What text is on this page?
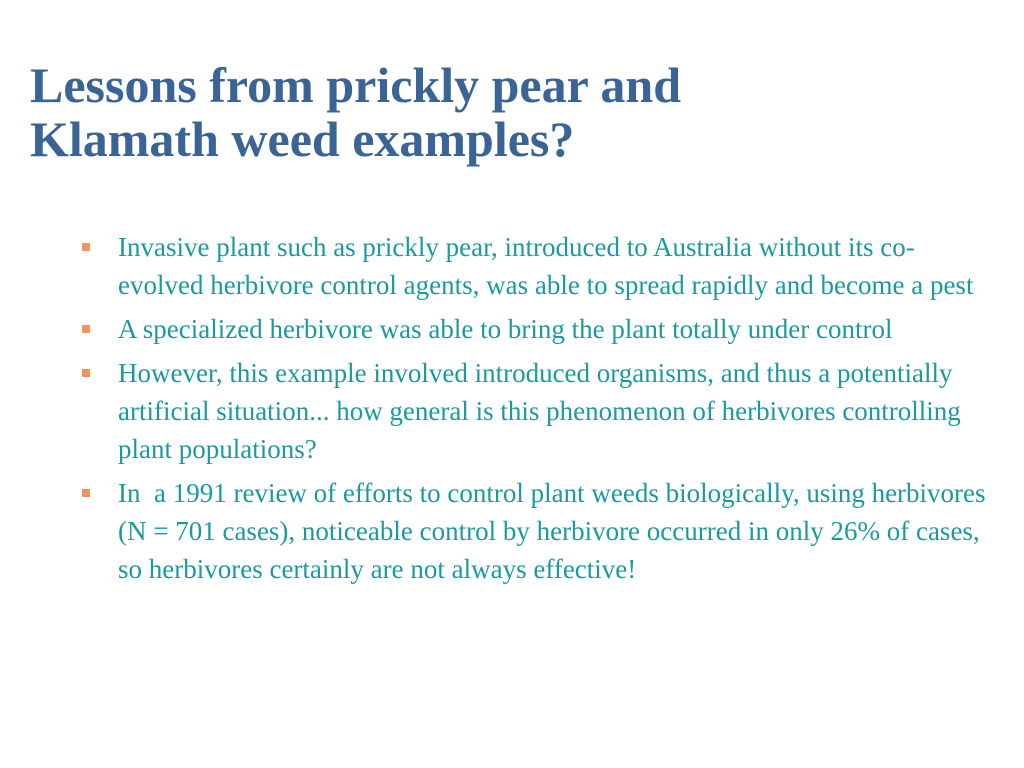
Lessons from prickly pear and
Klamath weed examples?
Invasive plant such as prickly pear, introduced to Australia without its co-evolved herbivore control agents, was able to spread rapidly and become a pest
A specialized herbivore was able to bring the plant totally under control
However, this example involved introduced organisms, and thus a potentially artificial situation... how general is this phenomenon of herbivores controlling plant populations?
In  a 1991 review of efforts to control plant weeds biologically, using herbivores (N = 701 cases), noticeable control by herbivore occurred in only 26% of cases, so herbivores certainly are not always effective!
